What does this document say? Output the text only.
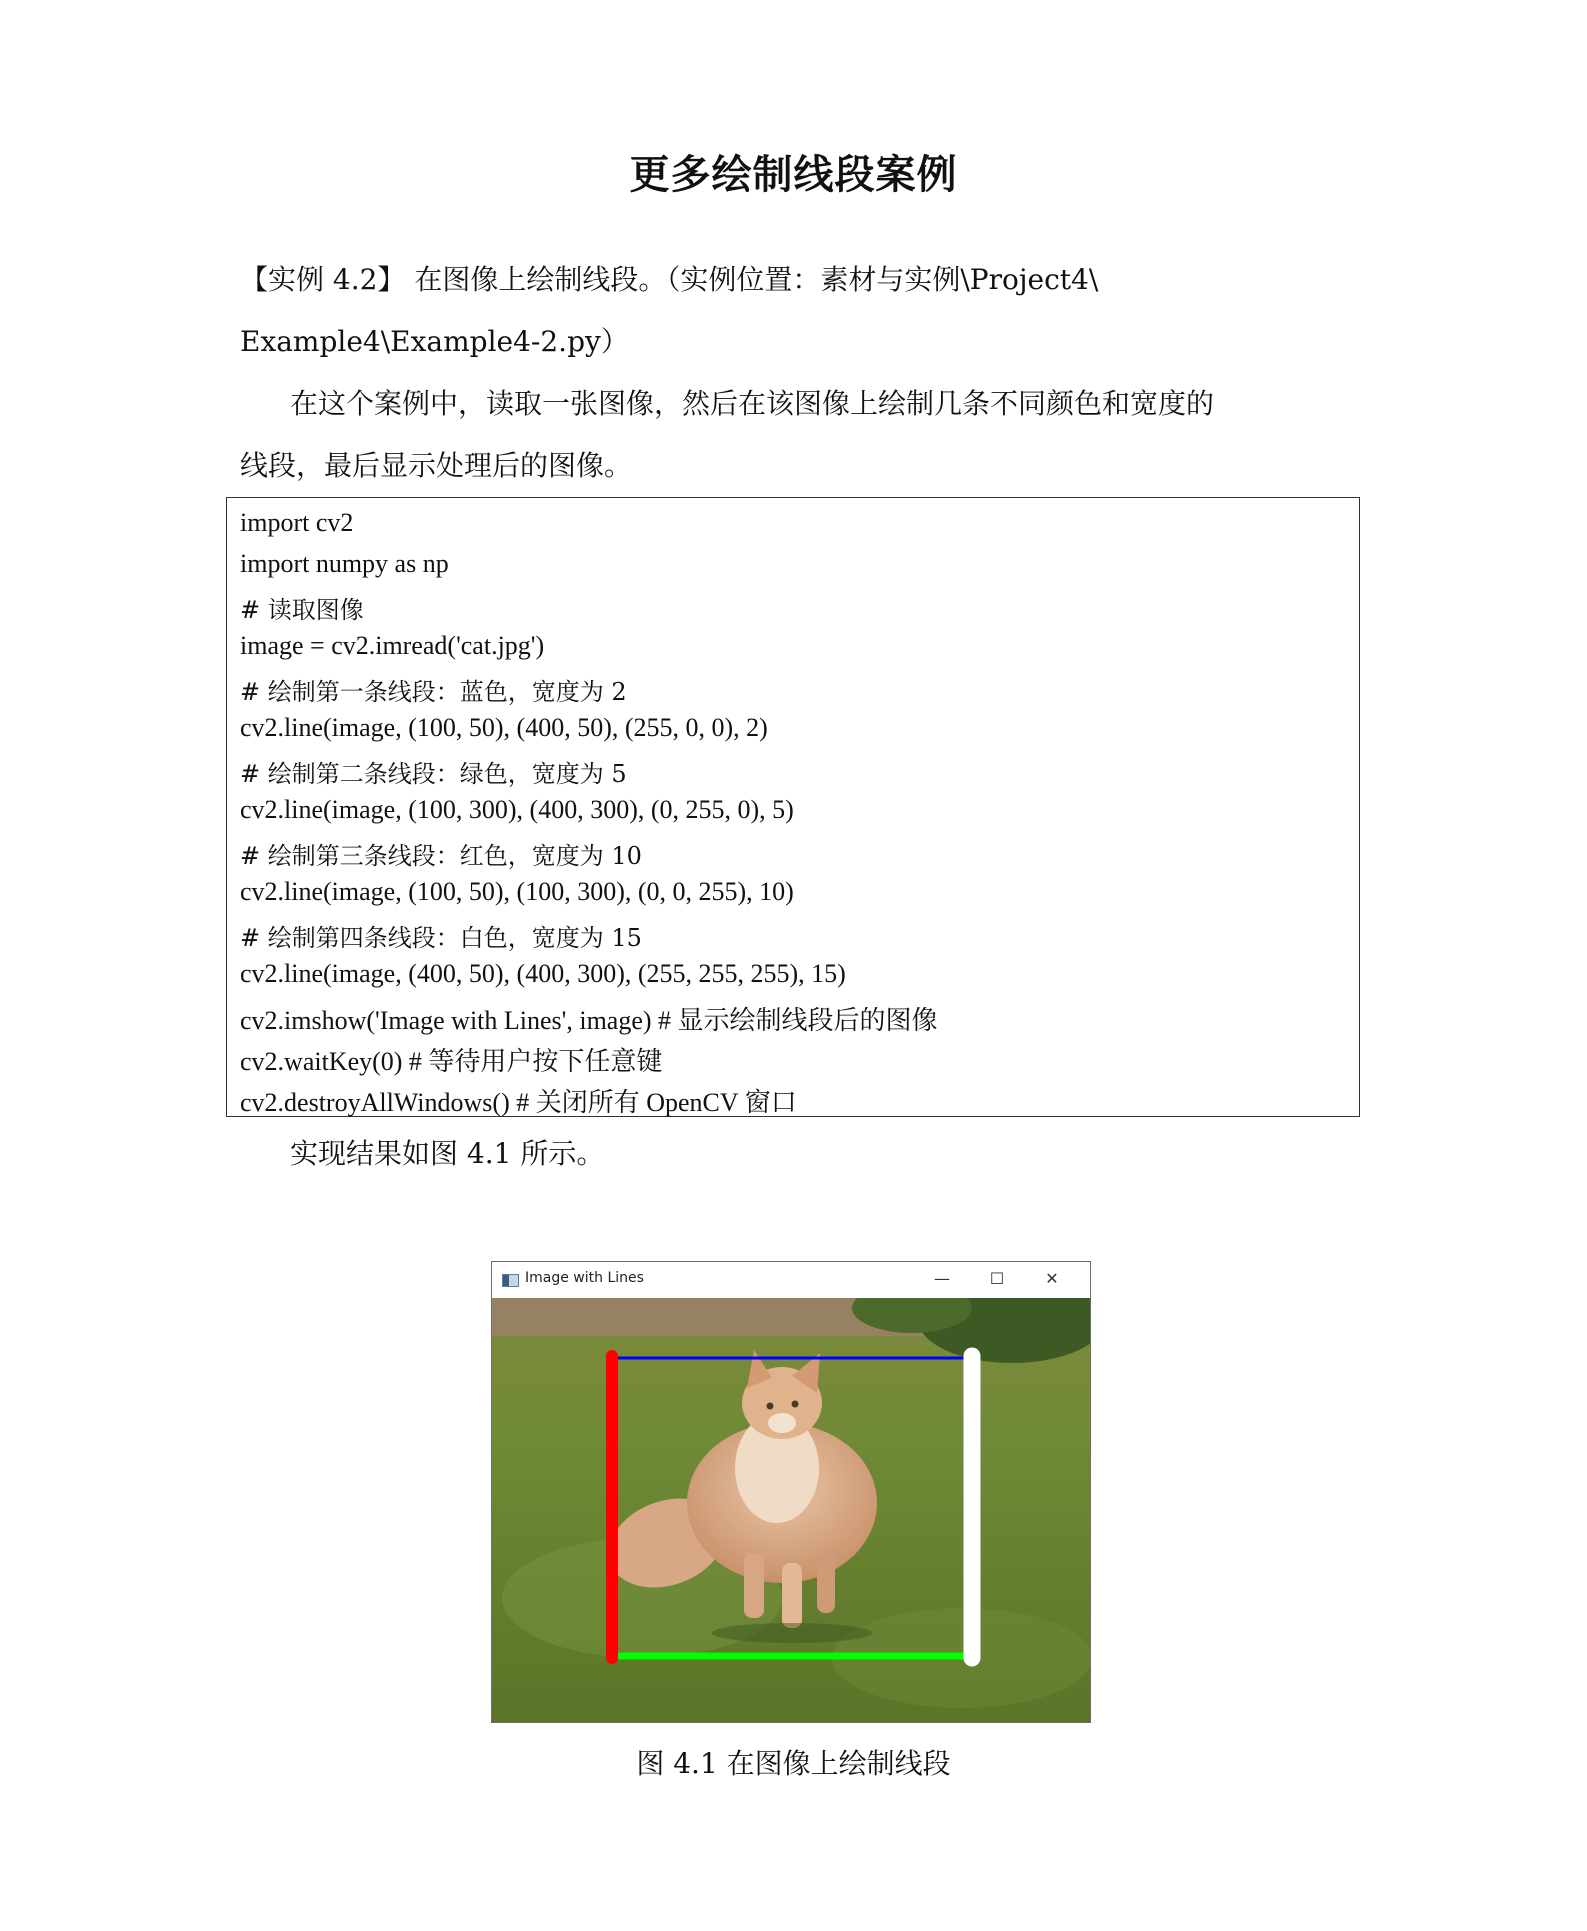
更多绘制线段案例
【实例 4.2】 在图像上绘制线段。（实例位置：素材与实例\Project4\
Example4\Example4-2.py）
在这个案例中，读取一张图像，然后在该图像上绘制几条不同颜色和宽度的
线段，最后显示处理后的图像。
import cv2
import numpy as np
# 读取图像
image = cv2.imread('cat.jpg')
# 绘制第一条线段：蓝色，宽度为 2
cv2.line(image, (100, 50), (400, 50), (255, 0, 0), 2)
# 绘制第二条线段：绿色，宽度为 5
cv2.line(image, (100, 300), (400, 300), (0, 255, 0), 5)
# 绘制第三条线段：红色，宽度为 10
cv2.line(image, (100, 50), (100, 300), (0, 0, 255), 10)
# 绘制第四条线段：白色，宽度为 15
cv2.line(image, (400, 50), (400, 300), (255, 255, 255), 15)
cv2.imshow('Image with Lines', image) # 显示绘制线段后的图像
cv2.waitKey(0) # 等待用户按下任意键
cv2.destroyAllWindows() # 关闭所有 OpenCV 窗口
实现结果如图 4.1 所示。
Image with Lines	—	☐	✕
图 4.1 在图像上绘制线段
